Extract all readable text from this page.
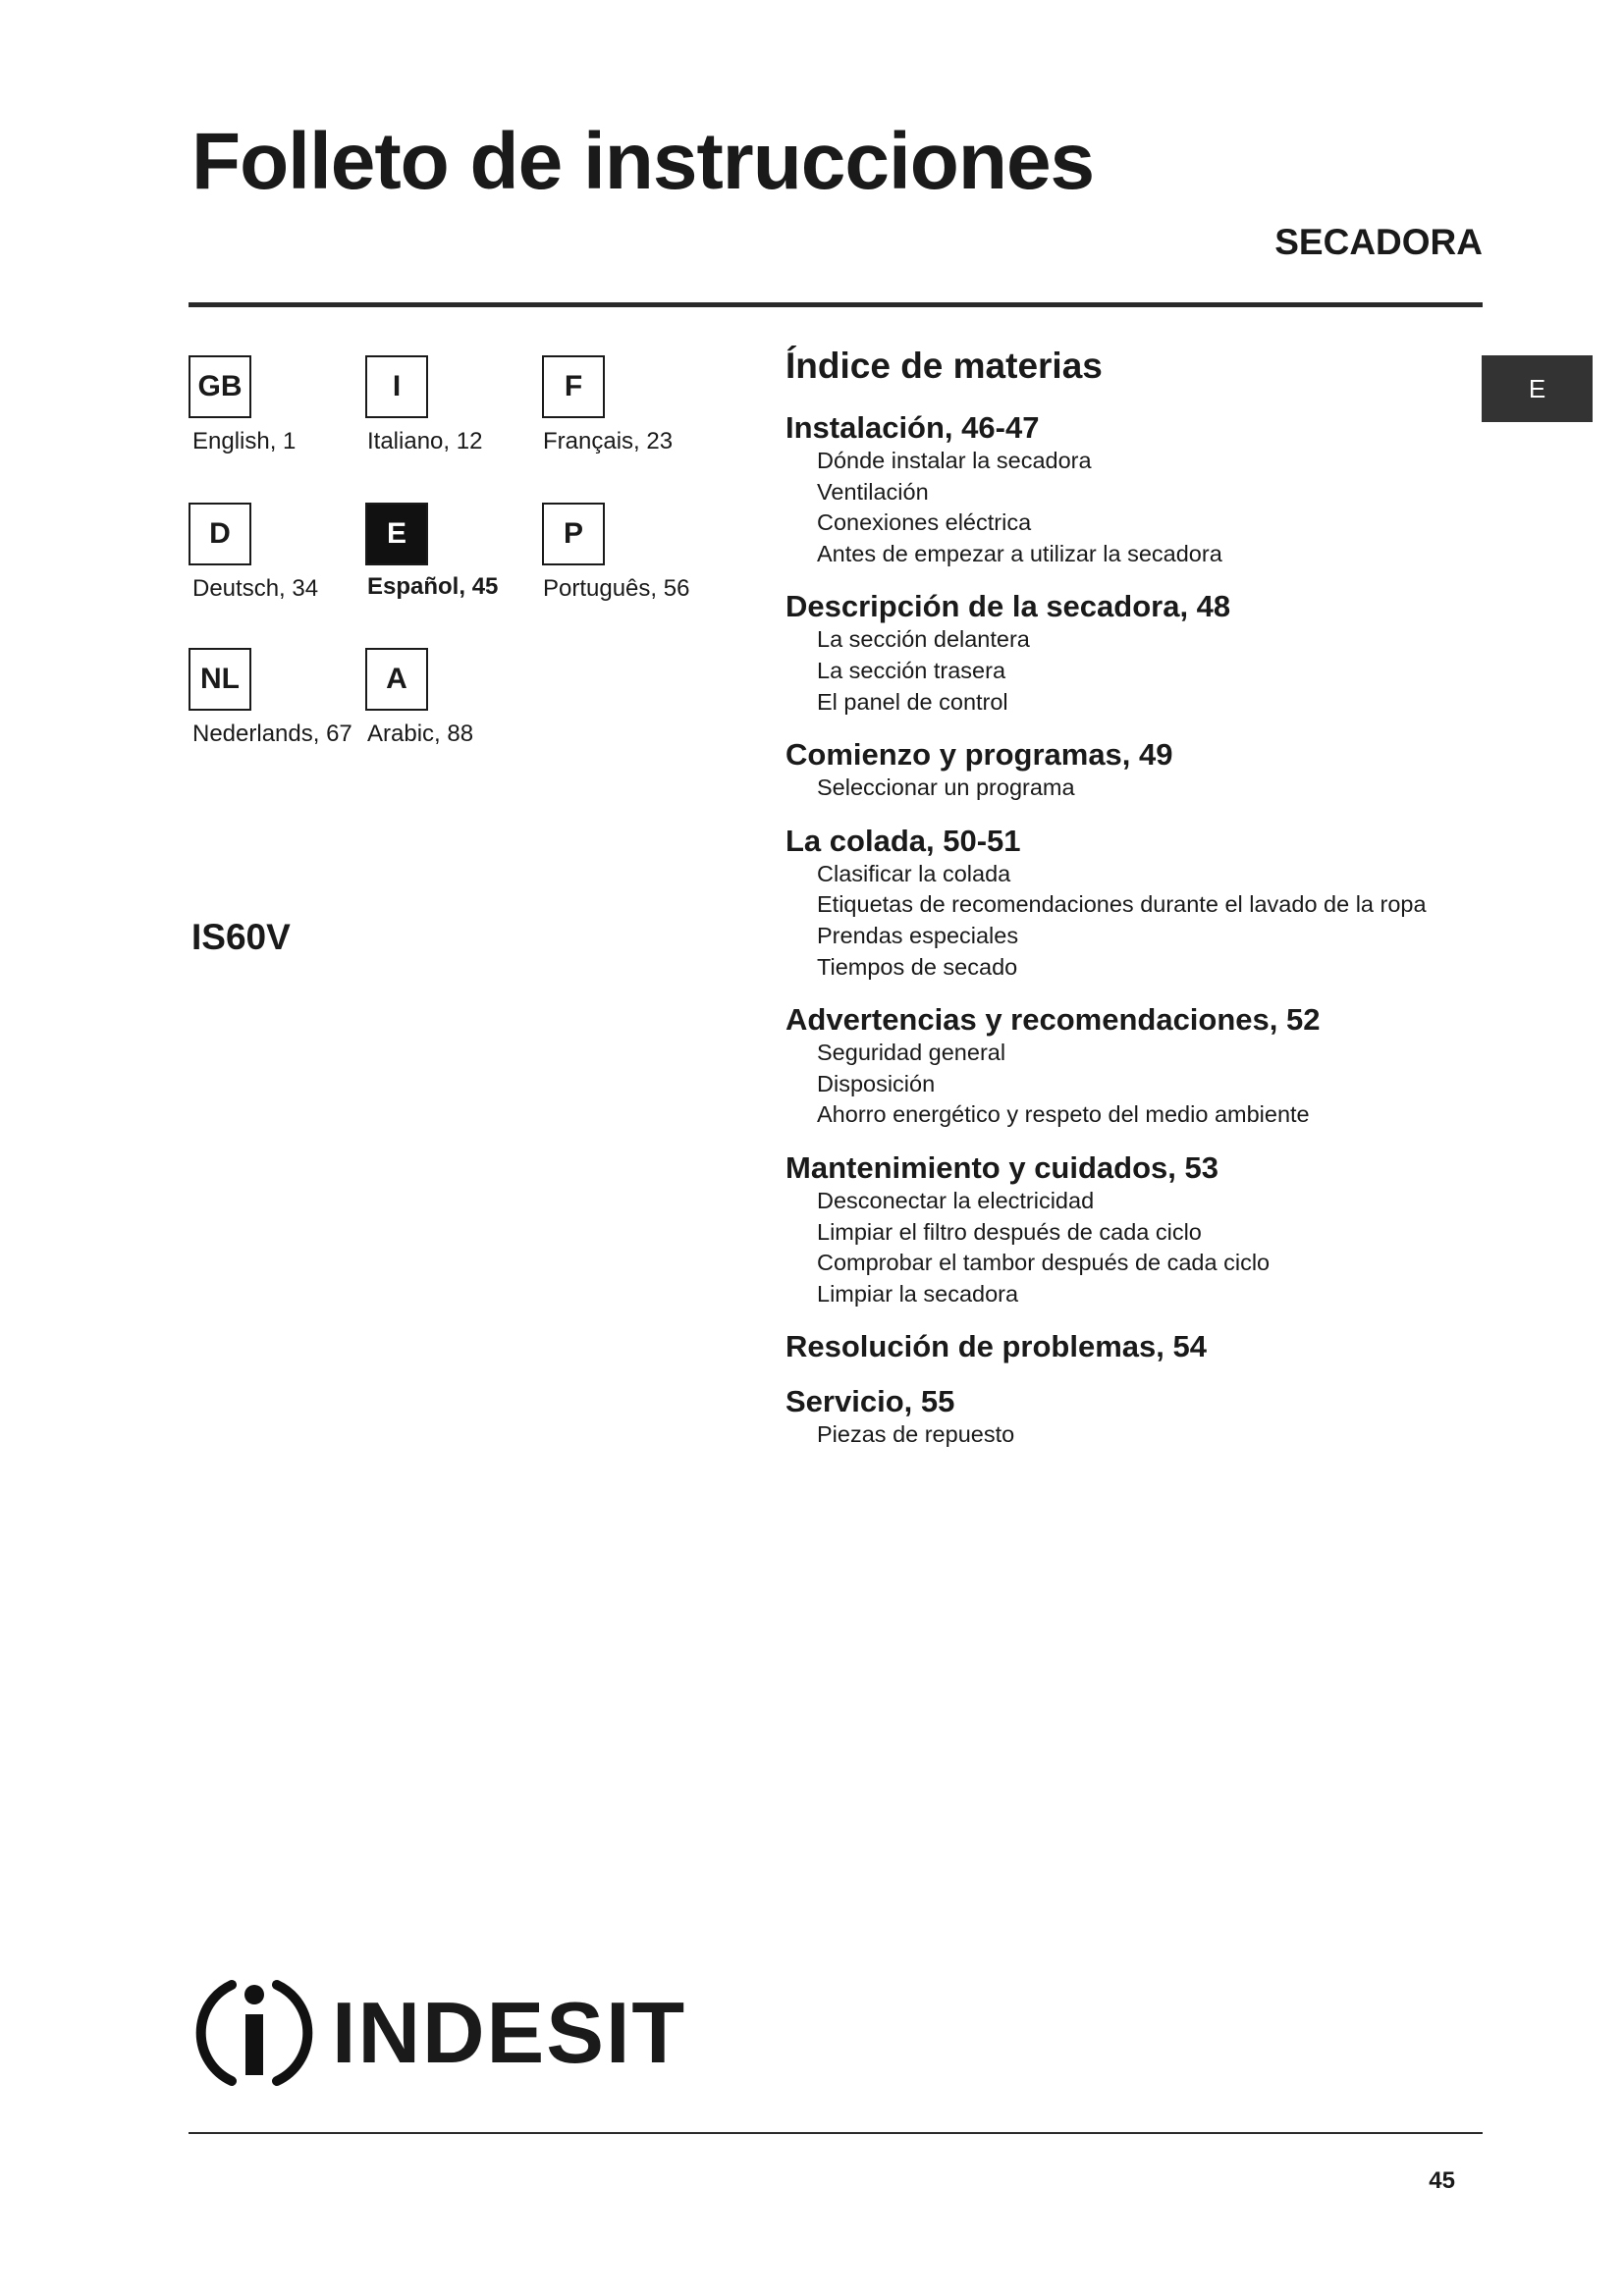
Folleto de instrucciones
SECADORA
GB
English, 1
I
Italiano, 12
F
Français, 23
D
Deutsch, 34
E
Español, 45
P
Português, 56
NL
Nederlands, 67
A
Arabic, 88
IS60V
E
Índice de materias

Instalación, 46-47

Dónde instalar la secadora

Ventilación

Conexiones eléctrica

Antes de empezar a utilizar la secadora

Descripción de la secadora, 48

La sección delantera

La sección trasera

El panel de control

Comienzo y programas, 49

Seleccionar un programa

La colada, 50-51

Clasificar la colada

Etiquetas de recomendaciones durante el lavado de la ropa

Prendas especiales

Tiempos de secado

Advertencias y recomendaciones, 52

Seguridad general

Disposición

Ahorro energético y respeto del medio ambiente

Mantenimiento y cuidados, 53

Desconectar la electricidad

Limpiar el filtro después de cada ciclo

Comprobar el tambor después de cada ciclo

Limpiar la secadora

Resolución de problemas, 54

Servicio, 55

Piezas de repuesto

INDESIT
45
